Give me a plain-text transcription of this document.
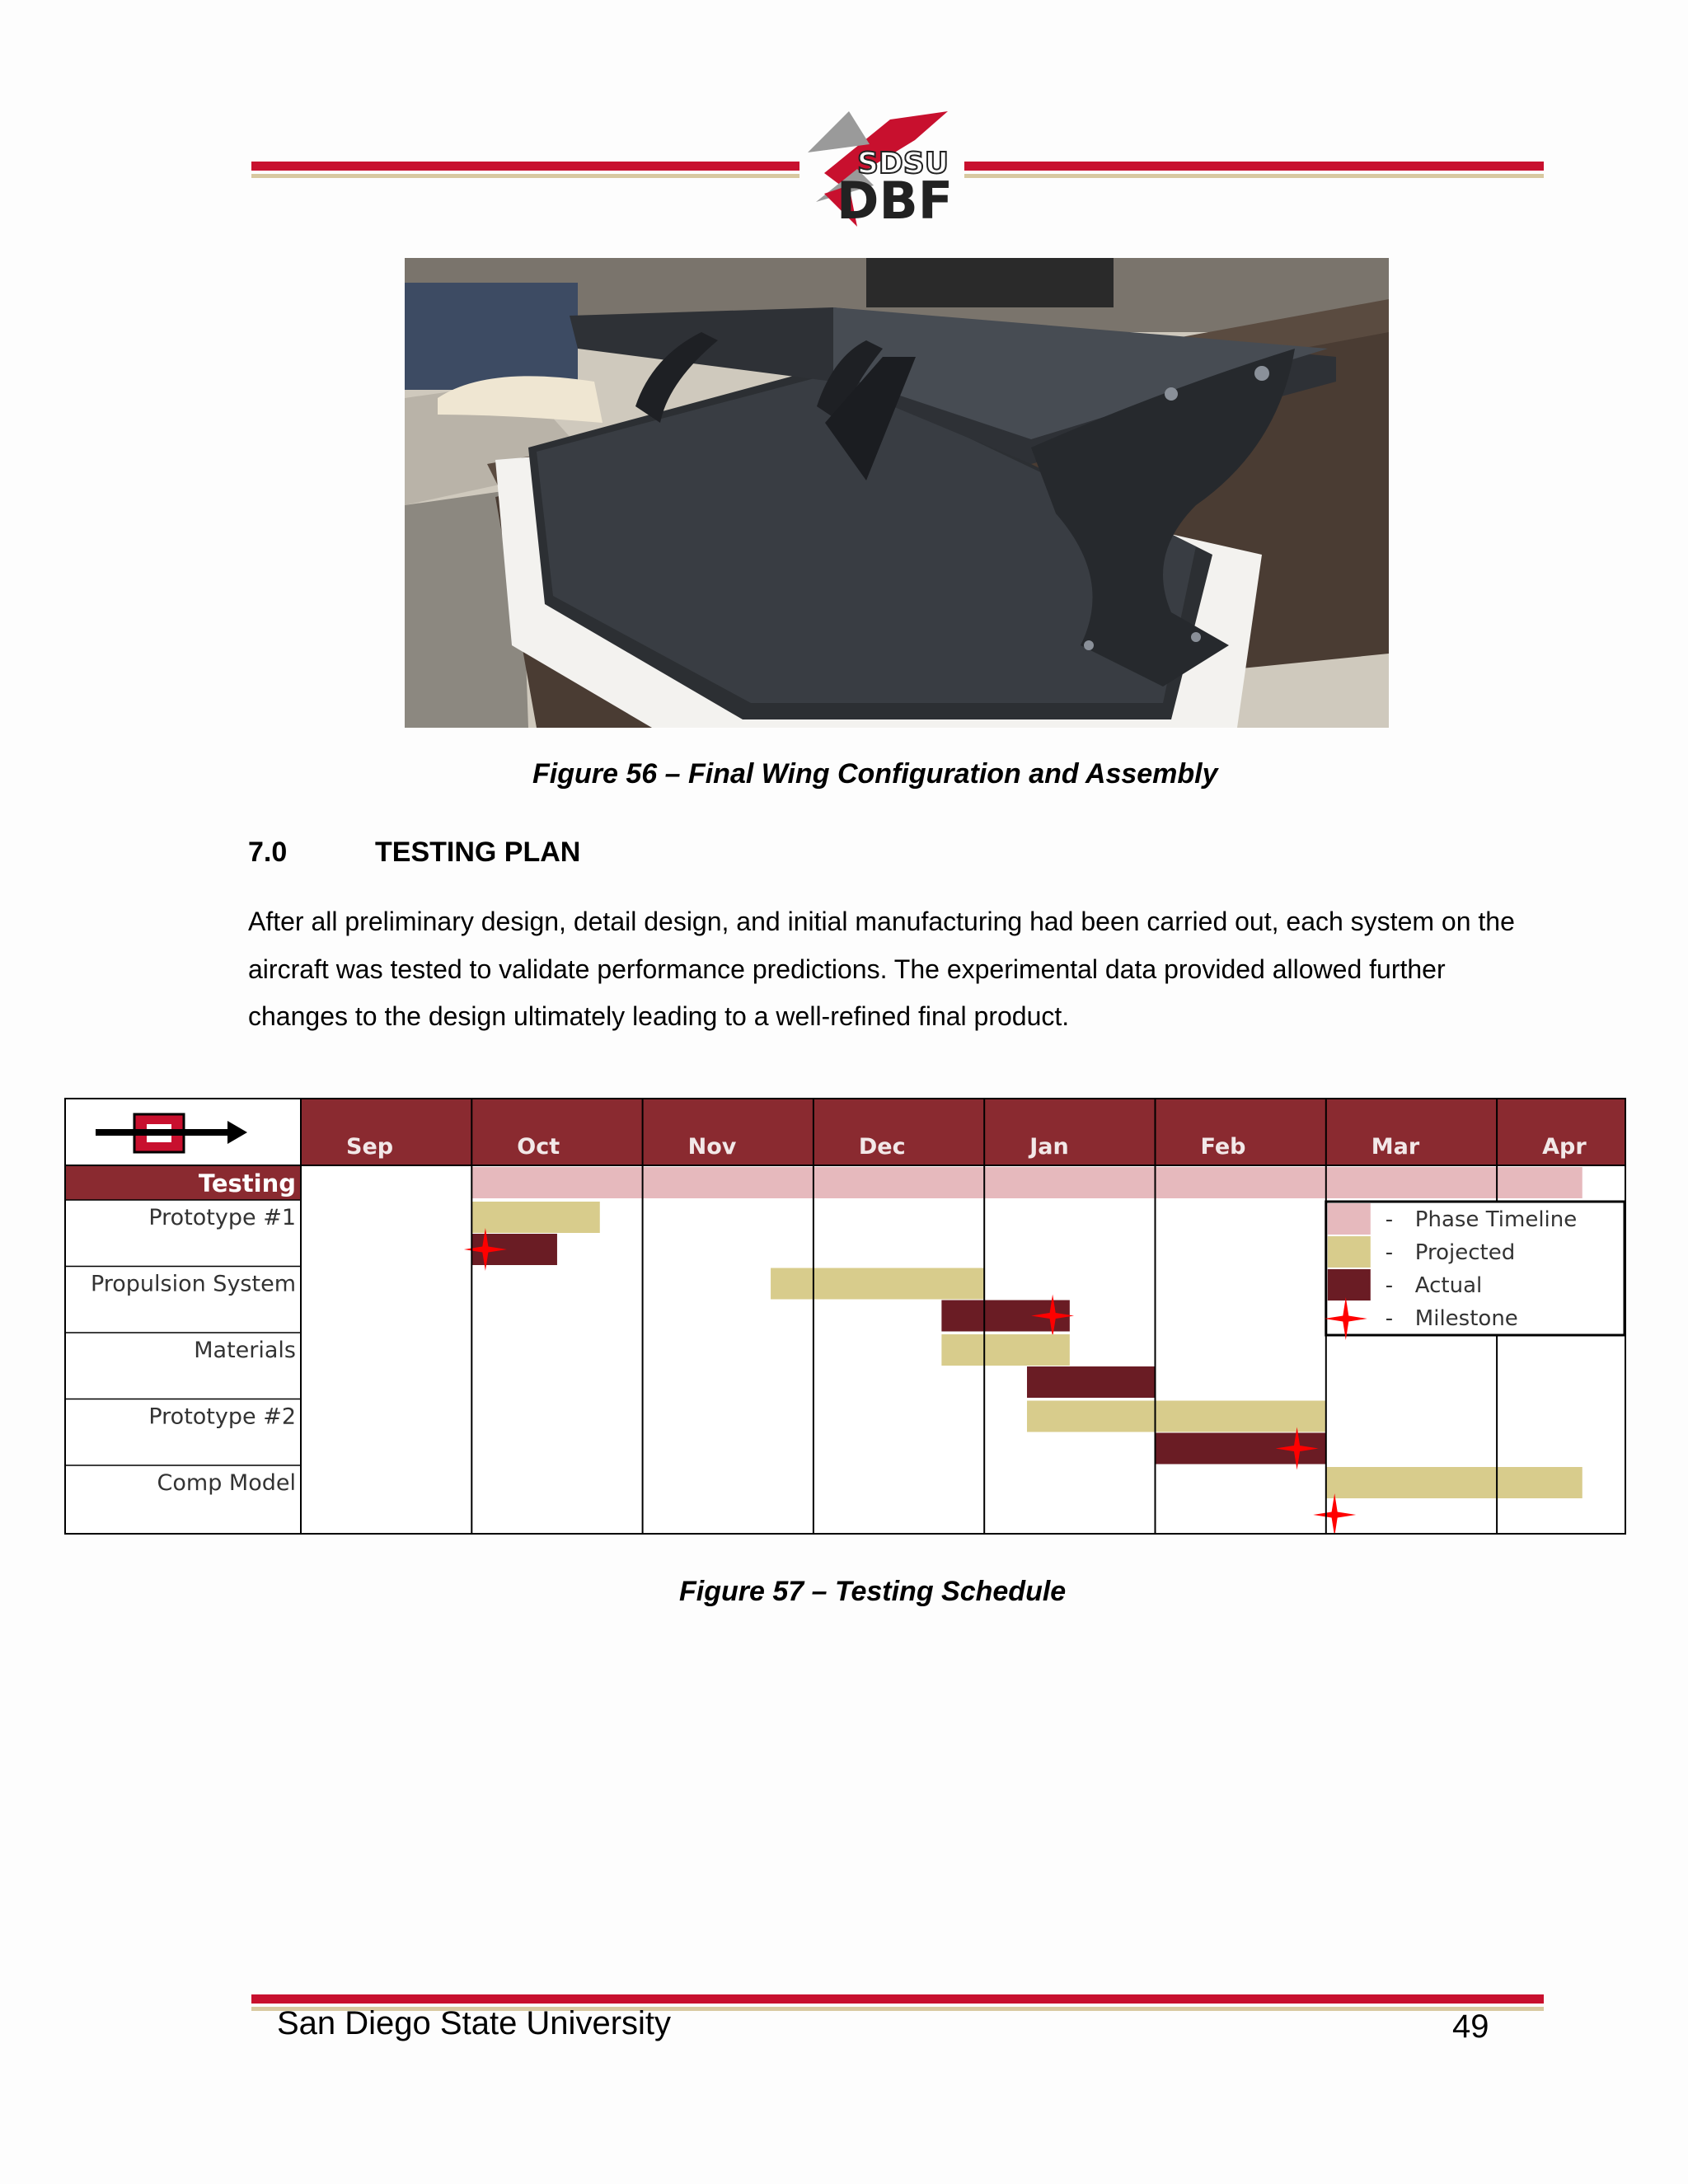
SDSU
DBF
Figure 56 – Final Wing Configuration and Assembly
7.0	TESTING PLAN

After all preliminary design, detail design, and initial manufacturing had been carried out, each system on the aircraft was tested to validate performance predictions. The experimental data provided allowed further changes to the design ultimately leading to a well-refined final product.

Sep	Oct	Nov	Dec	Jan	Feb	Mar	Apr
Testing
Prototype #1
Propulsion System
Materials
Prototype #2
Comp Model
- Phase Timeline
- Projected
- Actual
- Milestone
Figure 57 – Testing Schedule
San Diego State University	49
